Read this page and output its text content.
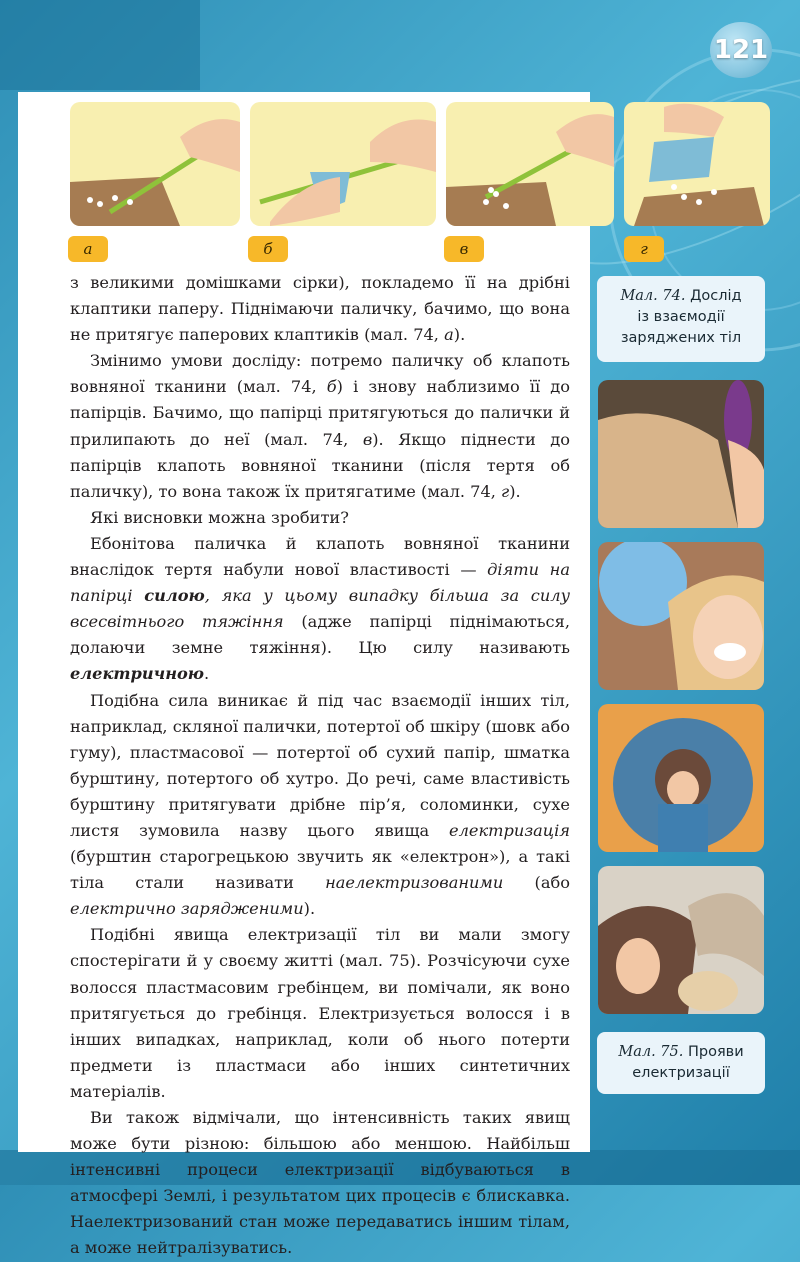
121
а	б	в	г

з великими домішками сірки), покладемо її на дрібні клаптики паперу. Піднімаючи паличку, бачимо, що вона не притягує паперових клаптиків (мал. 74, а).

Змінимо умови досліду: потремо паличку об клапоть вовняної тканини (мал. 74, б) і знову наблизимо її до папірців. Бачимо, що папірці притягуються до палички й прилипають до неї (мал. 74, в). Якщо піднести до папірців клапоть вовняної тканини (після тертя об паличку), то вона також їх притягатиме (мал. 74, г).

Які висновки можна зробити?

Ебонітова паличка й клапоть вовняної тканини внаслідок тертя набули нової властивості — діяти на папірці силою, яка у цьому випадку більша за силу всесвітнього тяжіння (адже папірці піднімаються, долаючи земне тяжіння). Цю силу називають електричною.

Подібна сила виникає й під час взаємодії інших тіл, наприклад, скляної палички, потертої об шкіру (шовк або гуму), пластмасової — потертої об сухий папір, шматка бурштину, потертого об хутро. До речі, саме властивість бурштину притягувати дрібне пір’я, соломинки, сухе листя зумовила назву цього явища електризація (бурштин старогрецькою звучить як «електрон»), а такі тіла стали називати наелектризованими (або електрично зарядженими).

Подібні явища електризації тіл ви мали змогу спостерігати й у своєму житті (мал. 75). Розчісуючи сухе волосся пластмасовим гребінцем, ви помічали, як воно притягується до гребінця. Електризується волосся і в інших випадках, наприклад, коли об нього потерти предмети із пластмаси або інших синтетичних матеріалів.

Ви також відмічали, що інтенсивність таких явищ може бути різною: більшою або меншою. Найбільш інтенсивні процеси електризації відбуваються в атмосфері Землі, і результатом цих процесів є блискавка. Наелектризований стан може передаватись іншим тілам, а може нейтралізуватись.

Мал. 74. Дослід
із взаємодії
заряджених тіл
Мал. 75. Прояви
електризації
